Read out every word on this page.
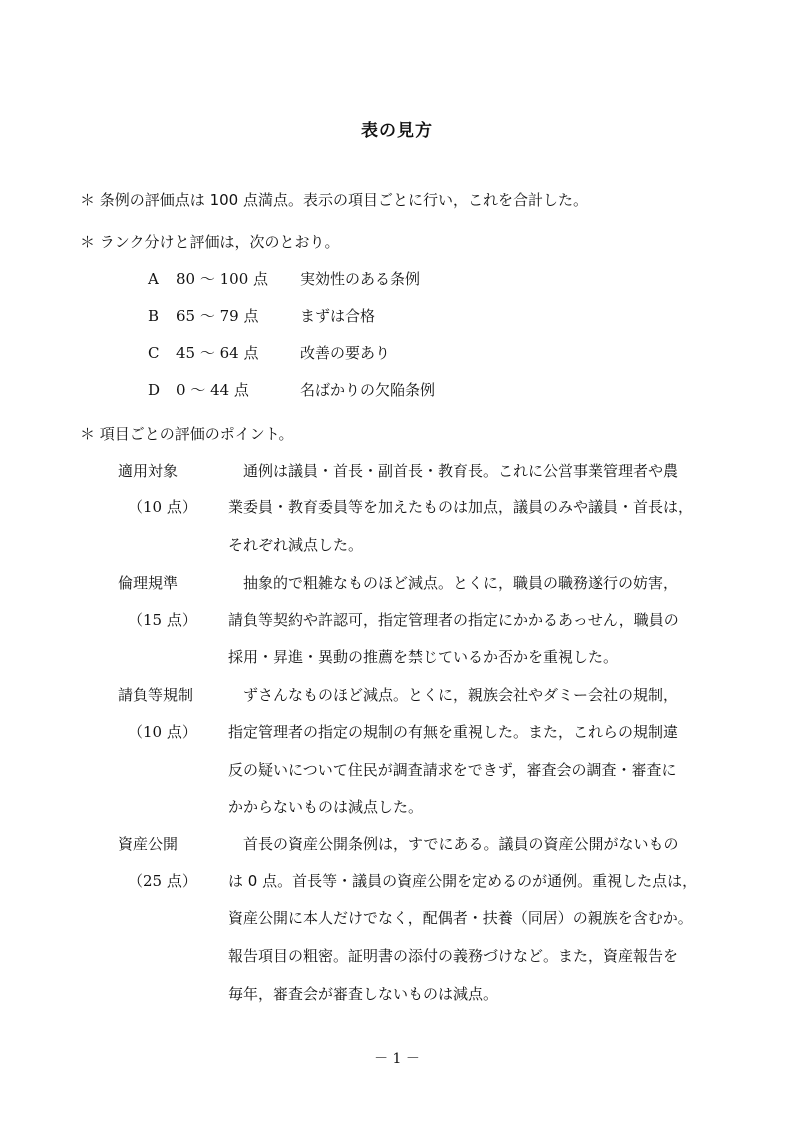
表の見方
＊ 条例の評価点は 100 点満点。表示の項目ごとに行い，これを合計した。
＊ ランク分けと評価は，次のとおり。
A 80 ～ 100 点 実効性のある条例
B 65 ～ 79 点	まずは合格
C 45 ～ 64 点	改善の要あり
D 0 ～ 44 点	名ばかりの欠陥条例
＊ 項目ごとの評価のポイント。
適用対象
（10 点）
　通例は議員・首長・副首長・教育長。これに公営事業管理者や農
業委員・教育委員等を加えたものは加点，議員のみや議員・首長は，
それぞれ減点した。
倫理規準
（15 点）
　抽象的で粗雑なものほど減点。とくに，職員の職務遂行の妨害，
請負等契約や許認可，指定管理者の指定にかかるあっせん，職員の
採用・昇進・異動の推薦を禁じているか否かを重視した。
請負等規制
（10 点）
　ずさんなものほど減点。とくに，親族会社やダミー会社の規制，
指定管理者の指定の規制の有無を重視した。また，これらの規制違
反の疑いについて住民が調査請求をできず，審査会の調査・審査に
かからないものは減点した。
資産公開
（25 点）
　首長の資産公開条例は，すでにある。議員の資産公開がないもの
は 0 点。首長等・議員の資産公開を定めるのが通例。重視した点は，
資産公開に本人だけでなく，配偶者・扶養（同居）の親族を含むか。
報告項目の粗密。証明書の添付の義務づけなど。また，資産報告を
毎年，審査会が審査しないものは減点。
－ 1 －
